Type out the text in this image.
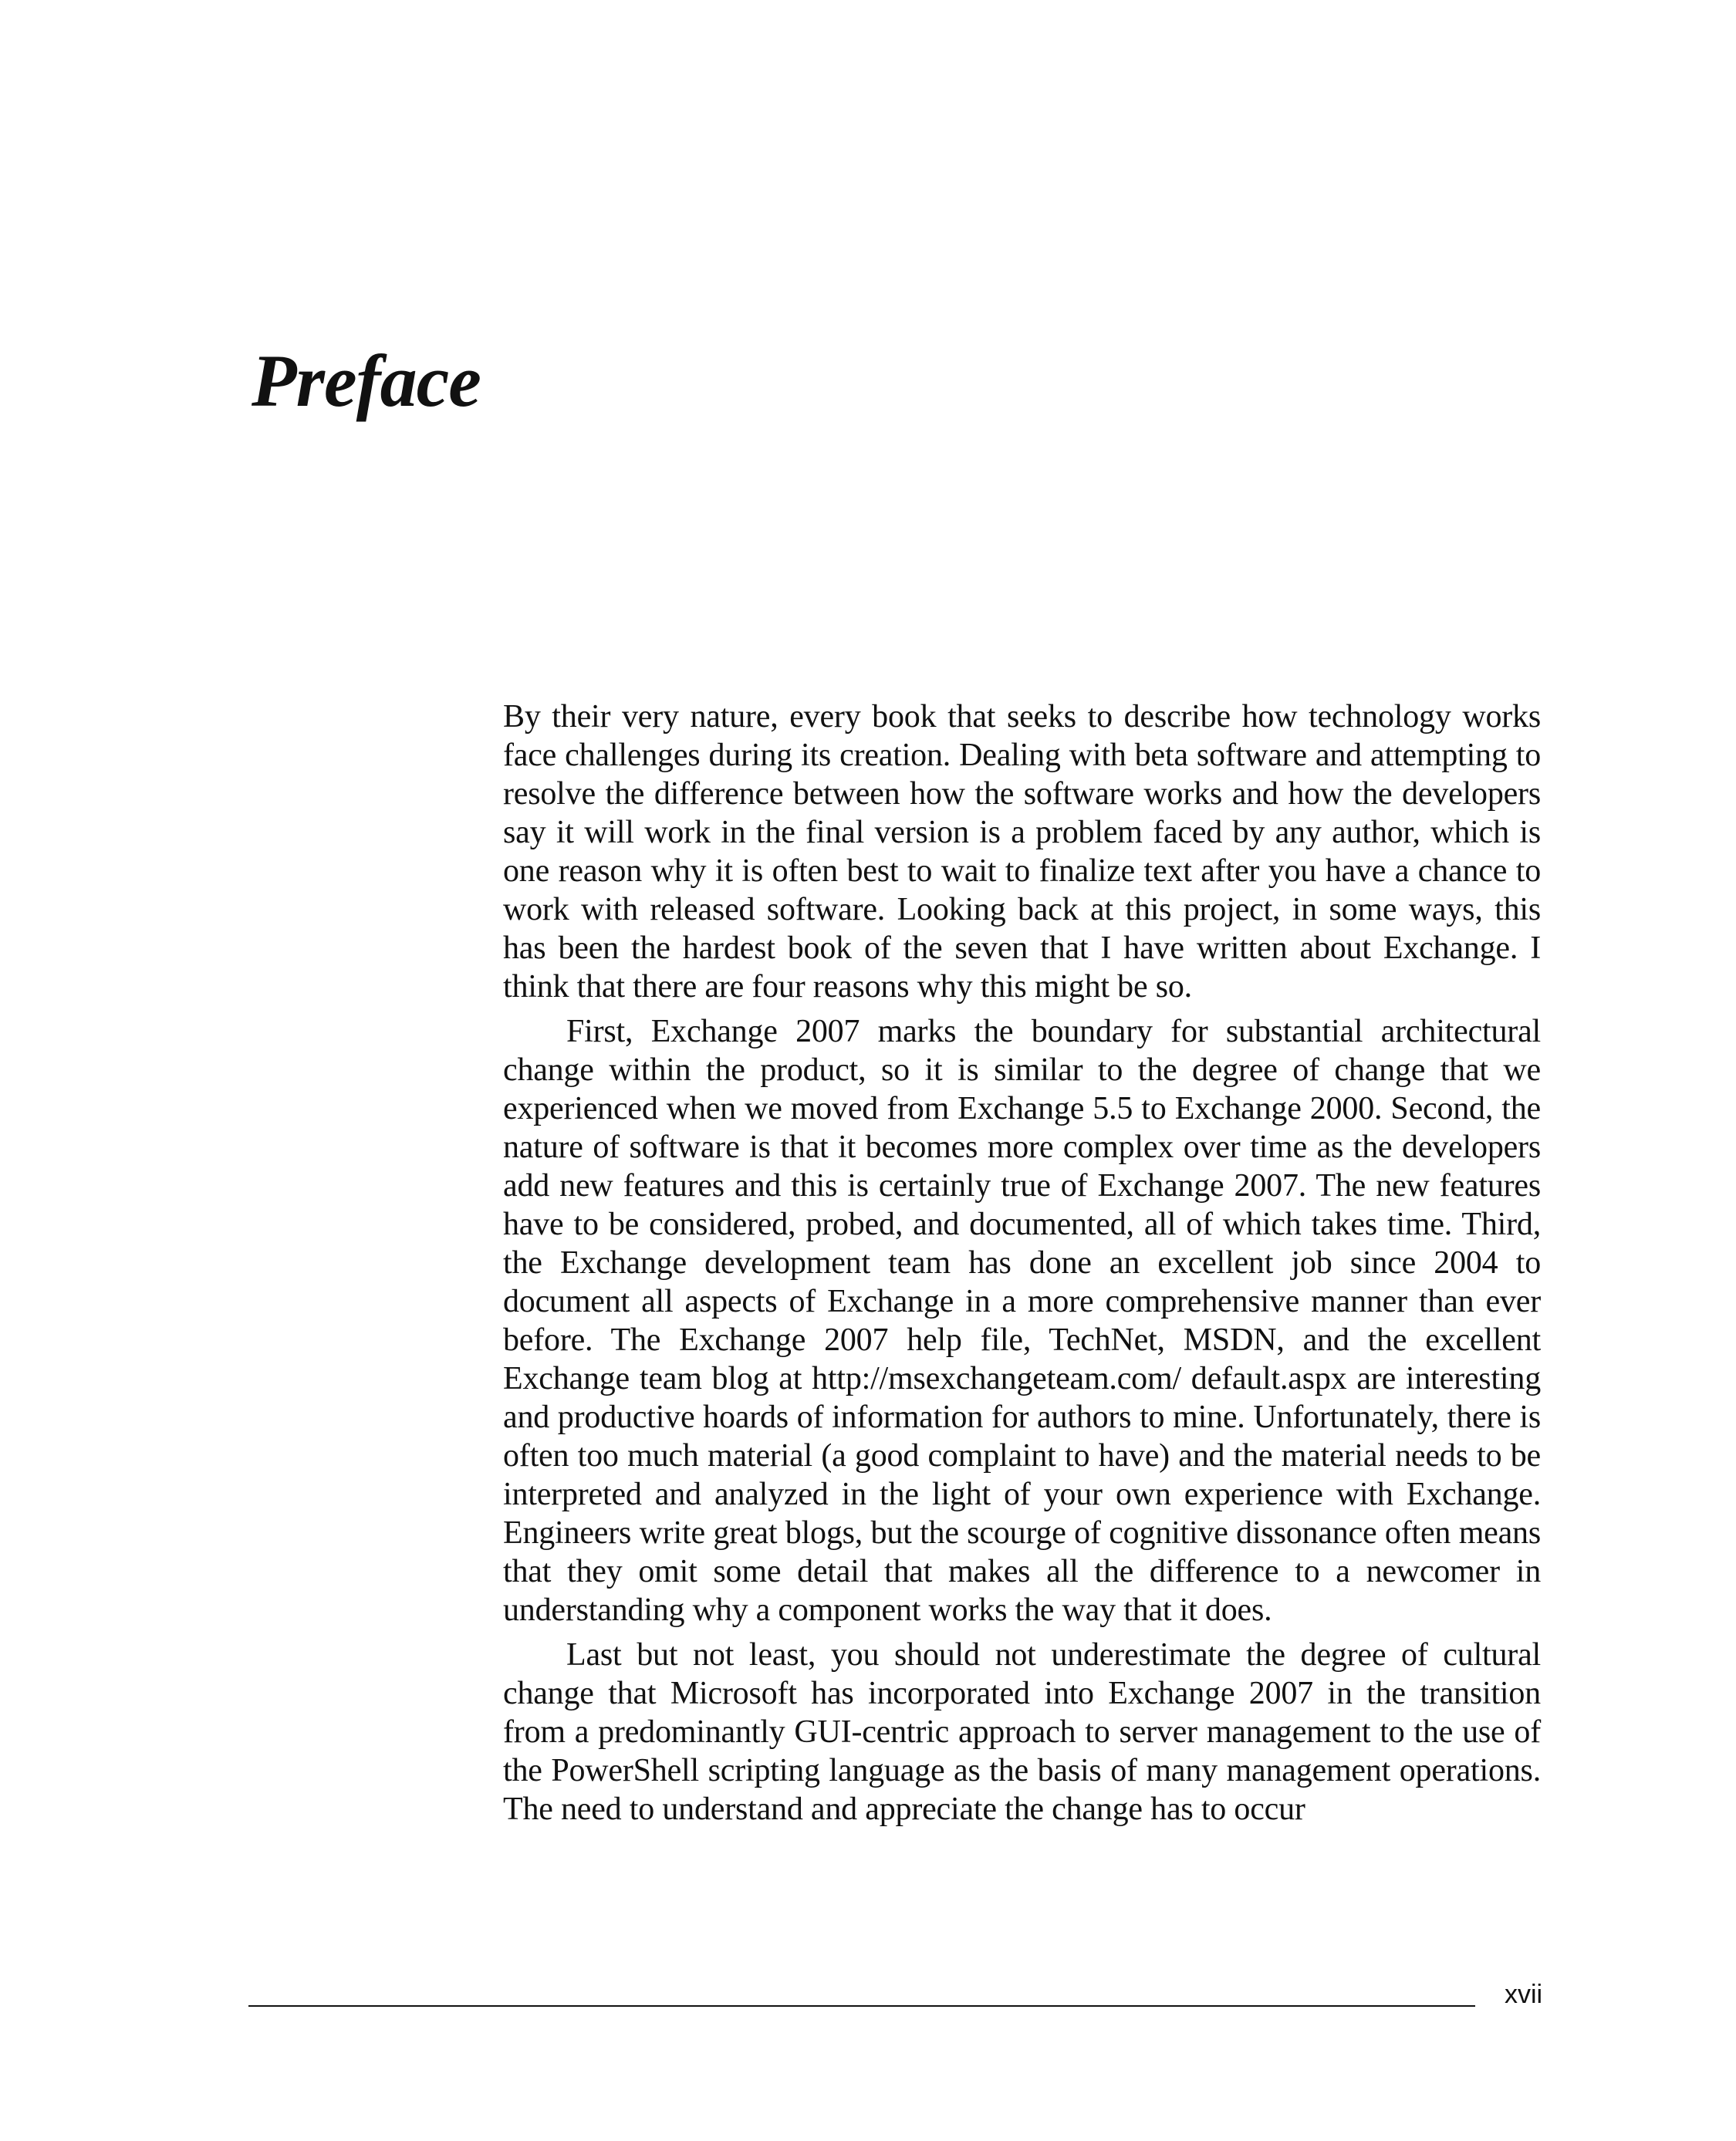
Preface

By their very nature, every book that seeks to describe how technology works face challenges during its creation. Dealing with beta software and attempting to resolve the difference between how the software works and how the developers say it will work in the final version is a problem faced by any author, which is one reason why it is often best to wait to finalize text after you have a chance to work with released software. Looking back at this project, in some ways, this has been the hardest book of the seven that I have written about Exchange. I think that there are four reasons why this might be so.

First, Exchange 2007 marks the boundary for substantial architectural change within the product, so it is similar to the degree of change that we experienced when we moved from Exchange 5.5 to Exchange 2000. Second, the nature of software is that it becomes more complex over time as the developers add new features and this is certainly true of Exchange 2007. The new features have to be considered, probed, and documented, all of which takes time. Third, the Exchange development team has done an excellent job since 2004 to document all aspects of Exchange in a more comprehensive manner than ever before. The Exchange 2007 help file, TechNet, MSDN, and the excellent Exchange team blog at http://msexchangeteam.com/ default.aspx are interesting and productive hoards of information for authors to mine. Unfortunately, there is often too much material (a good complaint to have) and the material needs to be interpreted and analyzed in the light of your own experience with Exchange. Engineers write great blogs, but the scourge of cognitive dissonance often means that they omit some detail that makes all the difference to a newcomer in understanding why a component works the way that it does.

Last but not least, you should not underestimate the degree of cultural change that Microsoft has incorporated into Exchange 2007 in the transition from a predominantly GUI-centric approach to server management to the use of the PowerShell scripting language as the basis of many management operations. The need to understand and appreciate the change has to occur

xvii
